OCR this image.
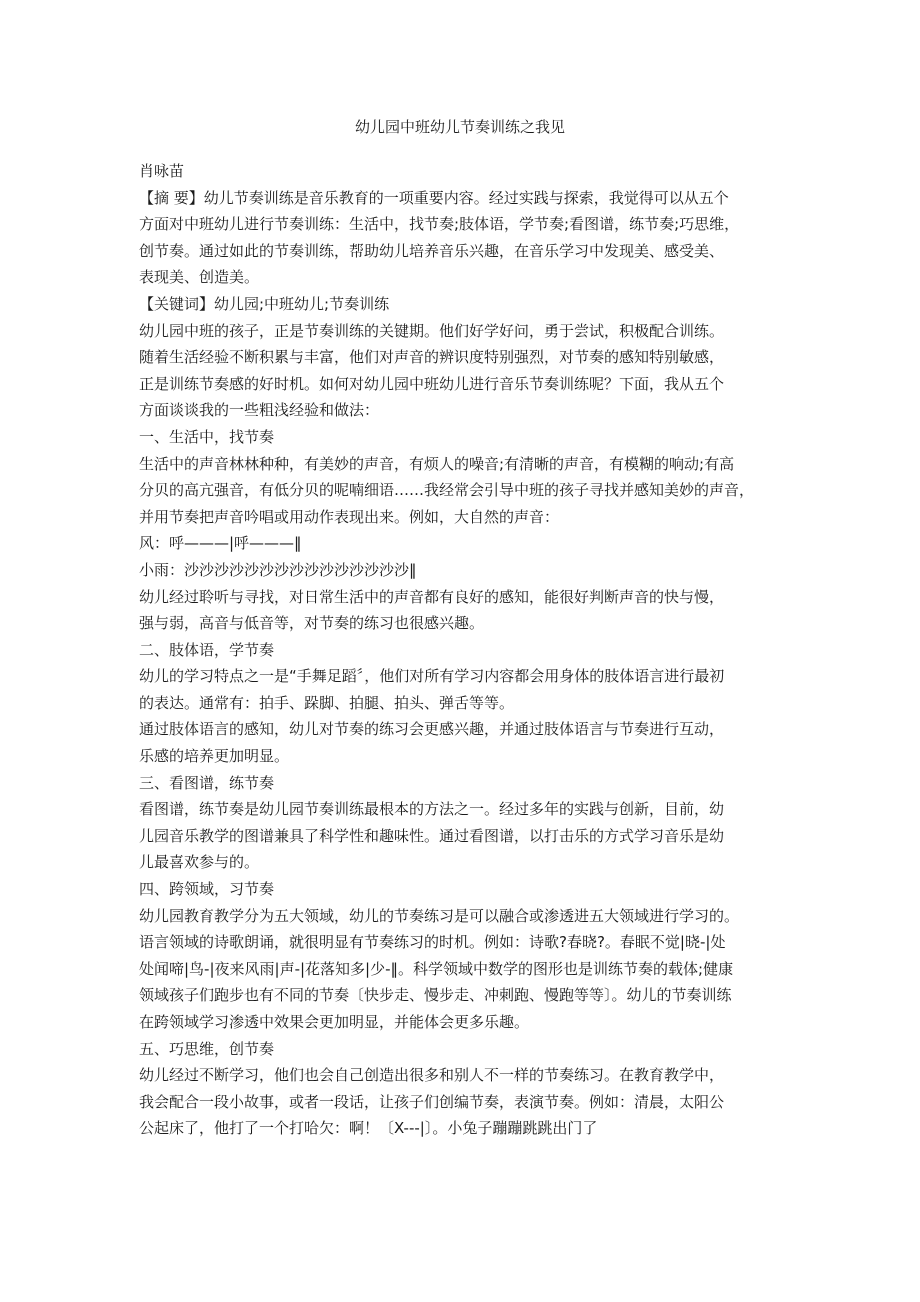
幼儿园中班幼儿节奏训练之我见
肖咏苗
【摘 要】幼儿节奏训练是音乐教育的一项重要内容。经过实践与探索，我觉得可以从五个
方面对中班幼儿进行节奏训练：生活中，找节奏;肢体语，学节奏;看图谱，练节奏;巧思维，
创节奏。通过如此的节奏训练，帮助幼儿培养音乐兴趣，在音乐学习中发现美、感受美、
表现美、创造美。
【关键词】幼儿园;中班幼儿;节奏训练
幼儿园中班的孩子，正是节奏训练的关键期。他们好学好问，勇于尝试，积极配合训练。
随着生活经验不断积累与丰富，他们对声音的辨识度特别强烈，对节奏的感知特别敏感，
正是训练节奏感的好时机。如何对幼儿园中班幼儿进行音乐节奏训练呢？下面，我从五个
方面谈谈我的一些粗浅经验和做法：
一、生活中，找节奏
生活中的声音林林种种，有美妙的声音，有烦人的噪音;有清晰的声音，有模糊的响动;有高
分贝的高亢强音，有低分贝的呢喃细语……我经常会引导中班的孩子寻找并感知美妙的声音，
并用节奏把声音吟唱或用动作表现出来。例如，大自然的声音：
风：呼———|呼———‖
小雨：沙沙沙沙沙沙沙沙沙沙沙沙沙沙沙‖
幼儿经过聆听与寻找，对日常生活中的声音都有良好的感知，能很好判断声音的快与慢，
强与弱，高音与低音等，对节奏的练习也很感兴趣。
二、肢体语，学节奏
幼儿的学习特点之一是“手舞足蹈〞，他们对所有学习内容都会用身体的肢体语言进行最初
的表达。通常有：拍手、跺脚、拍腿、拍头、弹舌等等。
通过肢体语言的感知，幼儿对节奏的练习会更感兴趣，并通过肢体语言与节奏进行互动，
乐感的培养更加明显。
三、看图谱，练节奏
看图谱，练节奏是幼儿园节奏训练最根本的方法之一。经过多年的实践与创新，目前，幼
儿园音乐教学的图谱兼具了科学性和趣味性。通过看图谱，以打击乐的方式学习音乐是幼
儿最喜欢参与的。
四、跨领域，习节奏
幼儿园教育教学分为五大领域，幼儿的节奏练习是可以融合或渗透进五大领域进行学习的。
语言领域的诗歌朗诵，就很明显有节奏练习的时机。例如：诗歌?春晓?。春眠不觉|晓-|处
处闻啼|鸟-|夜来风雨|声-|花落知多|少-‖。科学领域中数学的图形也是训练节奏的载体;健康
领域孩子们跑步也有不同的节奏〔快步走、慢步走、冲刺跑、慢跑等等〕。幼儿的节奏训练
在跨领域学习渗透中效果会更加明显，并能体会更多乐趣。
五、巧思维，创节奏
幼儿经过不断学习，他们也会自己创造出很多和别人不一样的节奏练习。在教育教学中，
我会配合一段小故事，或者一段话，让孩子们创编节奏，表演节奏。例如：清晨，太阳公
公起床了，他打了一个打哈欠：啊！〔X---|〕。小兔子蹦蹦跳跳出门了
